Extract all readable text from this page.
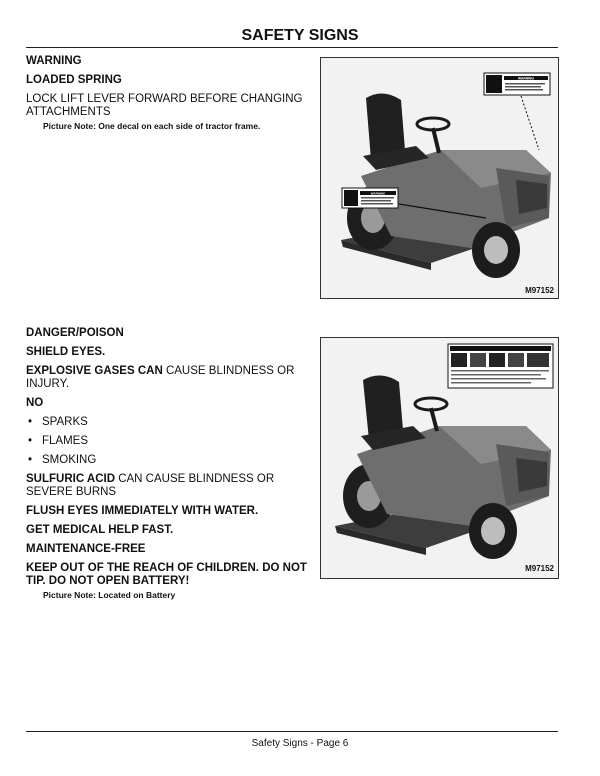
SAFETY SIGNS

WARNING

LOADED SPRING

LOCK LIFT LEVER FORWARD BEFORE CHANGING ATTACHMENTS

Picture Note: One decal on each side of tractor frame.

WARNING
WARNING
M97152

DANGER/POISON

SHIELD EYES.

EXPLOSIVE GASES CAN CAUSE BLINDNESS OR INJURY.

NO

• SPARKS
• FLAMES
• SMOKING

SULFURIC ACID CAN CAUSE BLINDNESS OR SEVERE BURNS

FLUSH EYES IMMEDIATELY WITH WATER.

GET MEDICAL HELP FAST.

MAINTENANCE-FREE

KEEP OUT OF THE REACH OF CHILDREN. DO NOT TIP. DO NOT OPEN BATTERY!

Picture Note: Located on Battery

M97152
Safety Signs - Page 6
